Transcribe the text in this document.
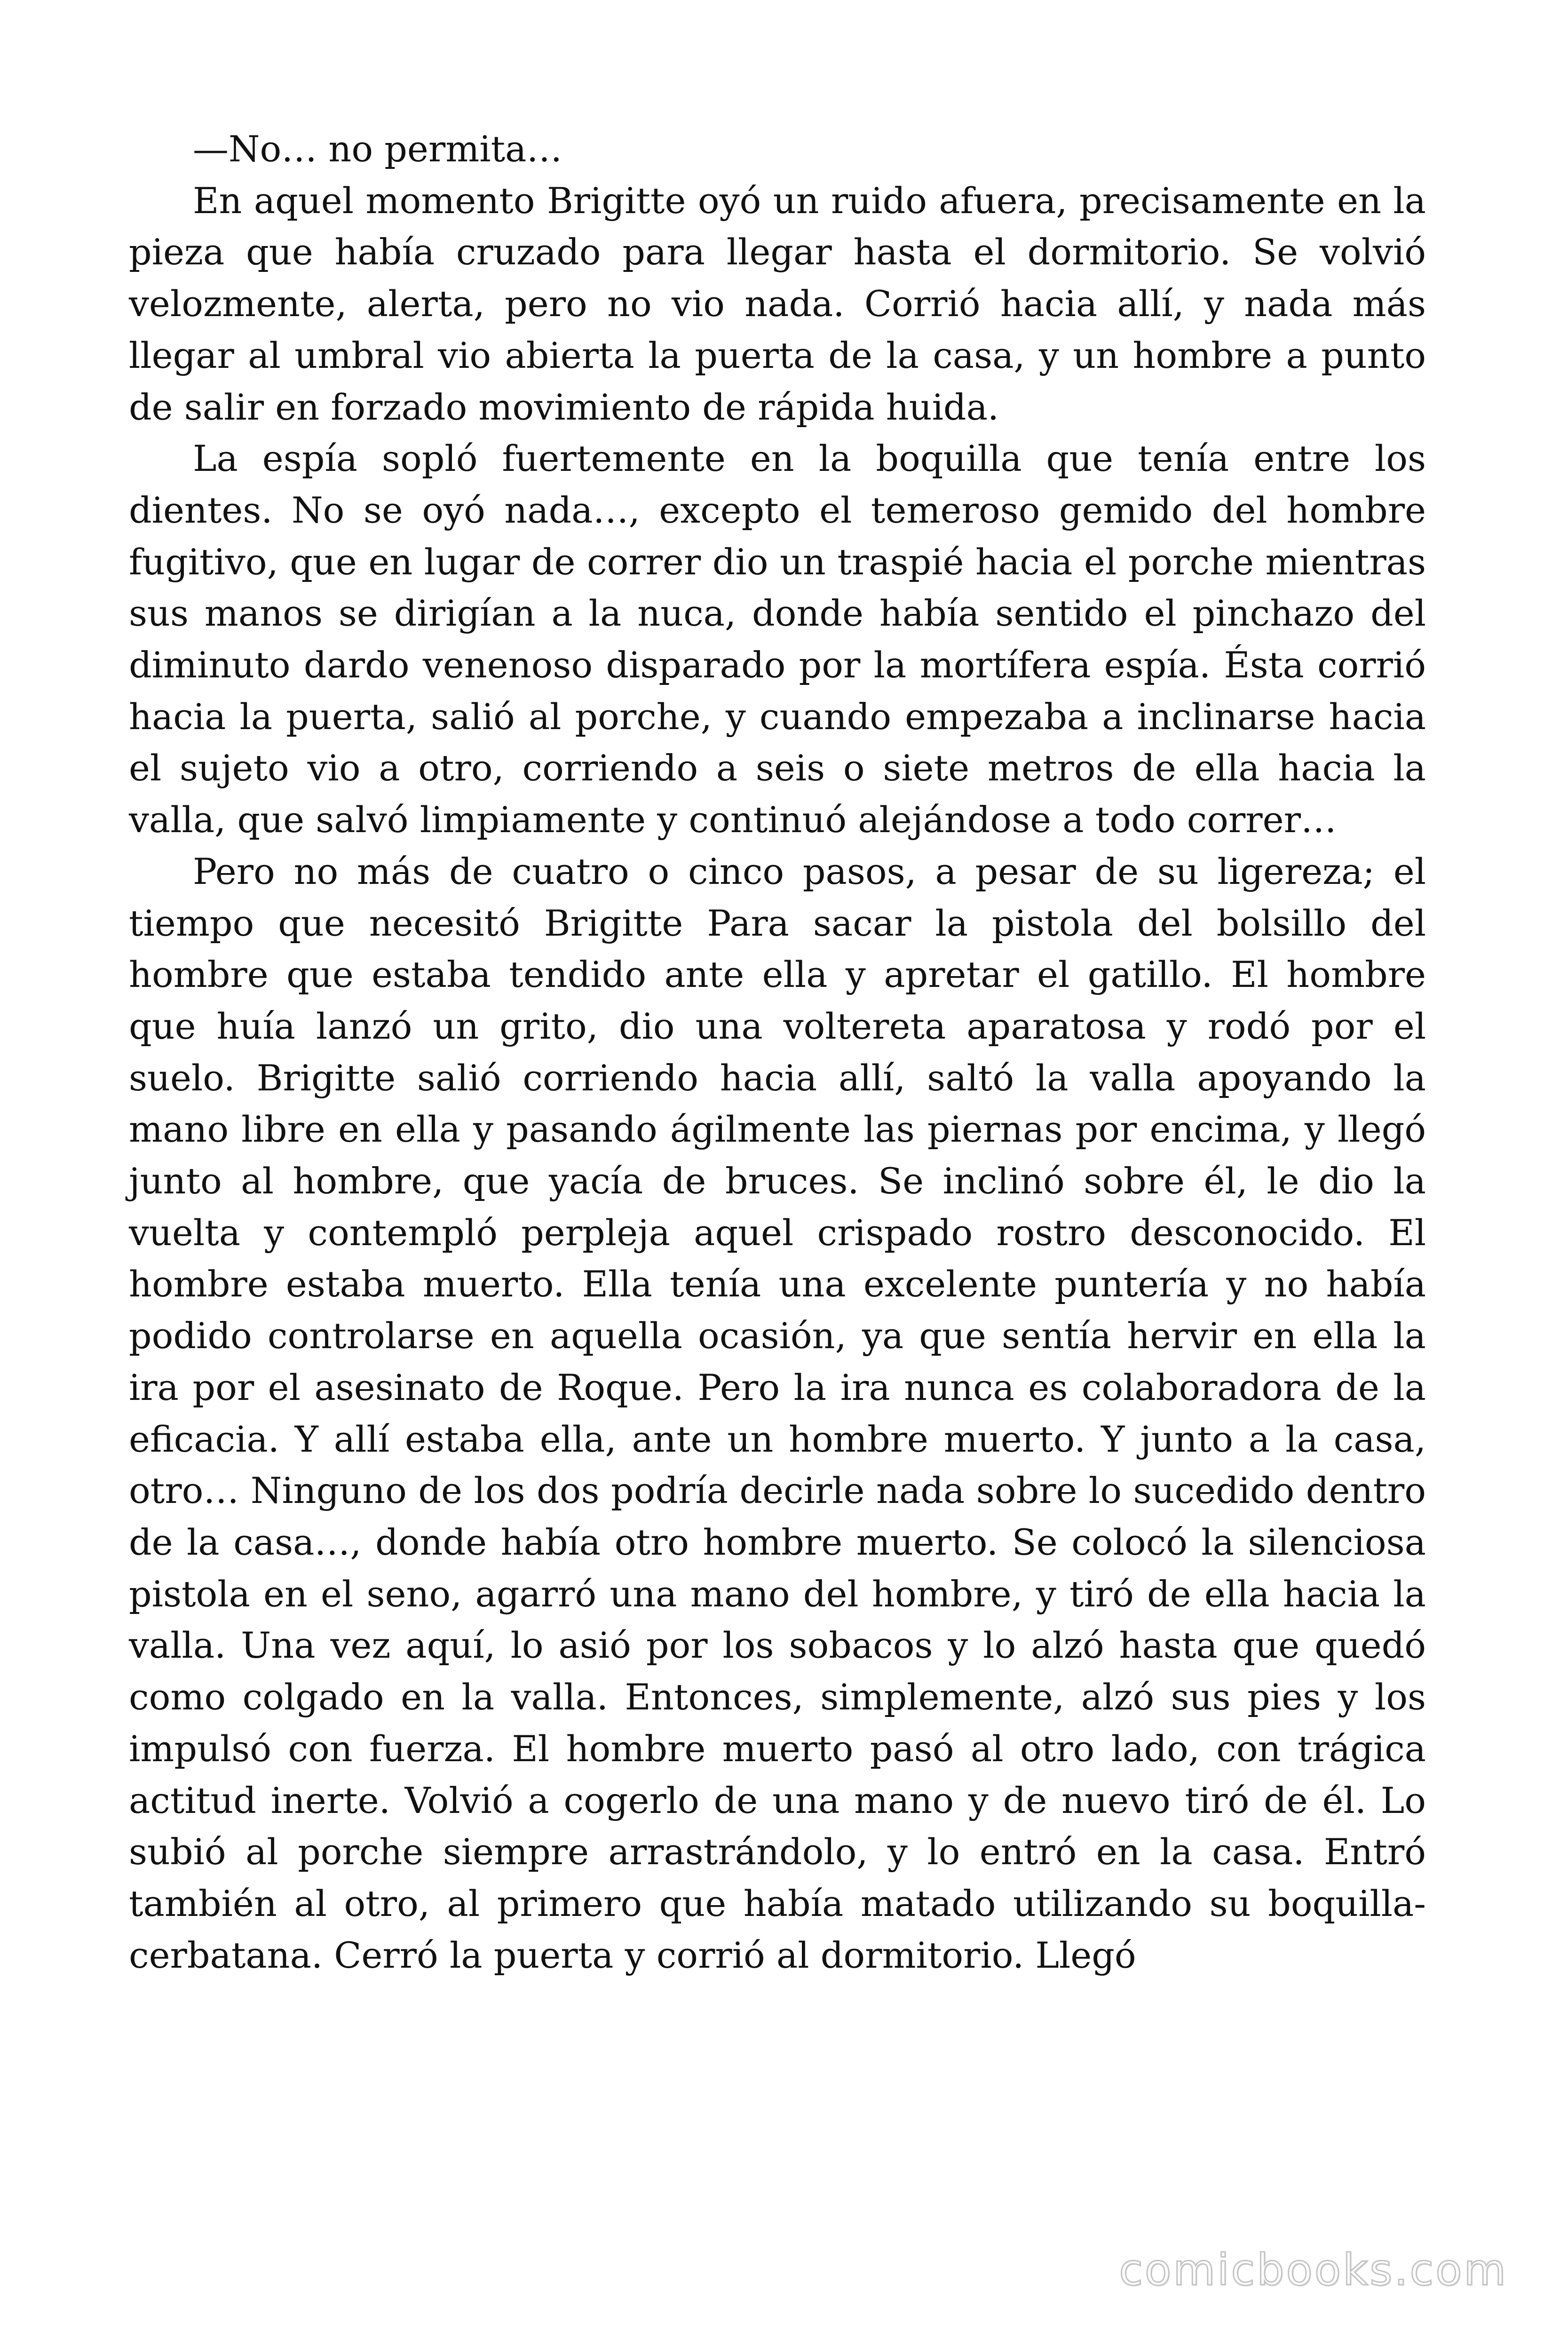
—No… no permita…

En aquel momento Brigitte oyó un ruido afuera, precisamente en la pieza que había cruzado para llegar hasta el dormitorio. Se volvió velozmente, alerta, pero no vio nada. Corrió hacia allí, y nada más llegar al umbral vio abierta la puerta de la casa, y un hombre a punto de salir en forzado movimiento de rápida huida.

La espía sopló fuertemente en la boquilla que tenía entre los dientes. No se oyó nada…, excepto el temeroso gemido del hombre fugitivo, que en lugar de correr dio un traspié hacia el porche mientras sus manos se dirigían a la nuca, donde había sentido el pinchazo del diminuto dardo venenoso disparado por la mortífera espía. Ésta corrió hacia la puerta, salió al porche, y cuando empezaba a inclinarse hacia el sujeto vio a otro, corriendo a seis o siete metros de ella hacia la valla, que salvó limpiamente y continuó alejándose a todo correr…

Pero no más de cuatro o cinco pasos, a pesar de su ligereza; el tiempo que necesitó Brigitte Para sacar la pistola del bolsillo del hombre que estaba tendido ante ella y apretar el gatillo. El hombre que huía lanzó un grito, dio una voltereta aparatosa y rodó por el suelo. Brigitte salió corriendo hacia allí, saltó la valla apoyando la mano libre en ella y pasando ágilmente las piernas por encima, y llegó junto al hombre, que yacía de bruces. Se inclinó sobre él, le dio la vuelta y contempló perpleja aquel crispado rostro desconocido. El hombre estaba muerto. Ella tenía una excelente puntería y no había podido controlarse en aquella ocasión, ya que sentía hervir en ella la ira por el asesinato de Roque. Pero la ira nunca es colaboradora de la eficacia. Y allí estaba ella, ante un hombre muerto. Y junto a la casa, otro… Ninguno de los dos podría decirle nada sobre lo sucedido dentro de la casa…, donde había otro hombre muerto. Se colocó la silenciosa pistola en el seno, agarró una mano del hombre, y tiró de ella hacia la valla. Una vez aquí, lo asió por los sobacos y lo alzó hasta que quedó como colgado en la valla. Entonces, simplemente, alzó sus pies y los impulsó con fuerza. El hombre muerto pasó al otro lado, con trágica actitud inerte. Volvió a cogerlo de una mano y de nuevo tiró de él. Lo subió al porche siempre arrastrándolo, y lo entró en la casa. Entró también al otro, al primero que había matado utilizando su boquilla-cerbatana. Cerró la puerta y corrió al dormitorio. Llegó

comicbooks.com
